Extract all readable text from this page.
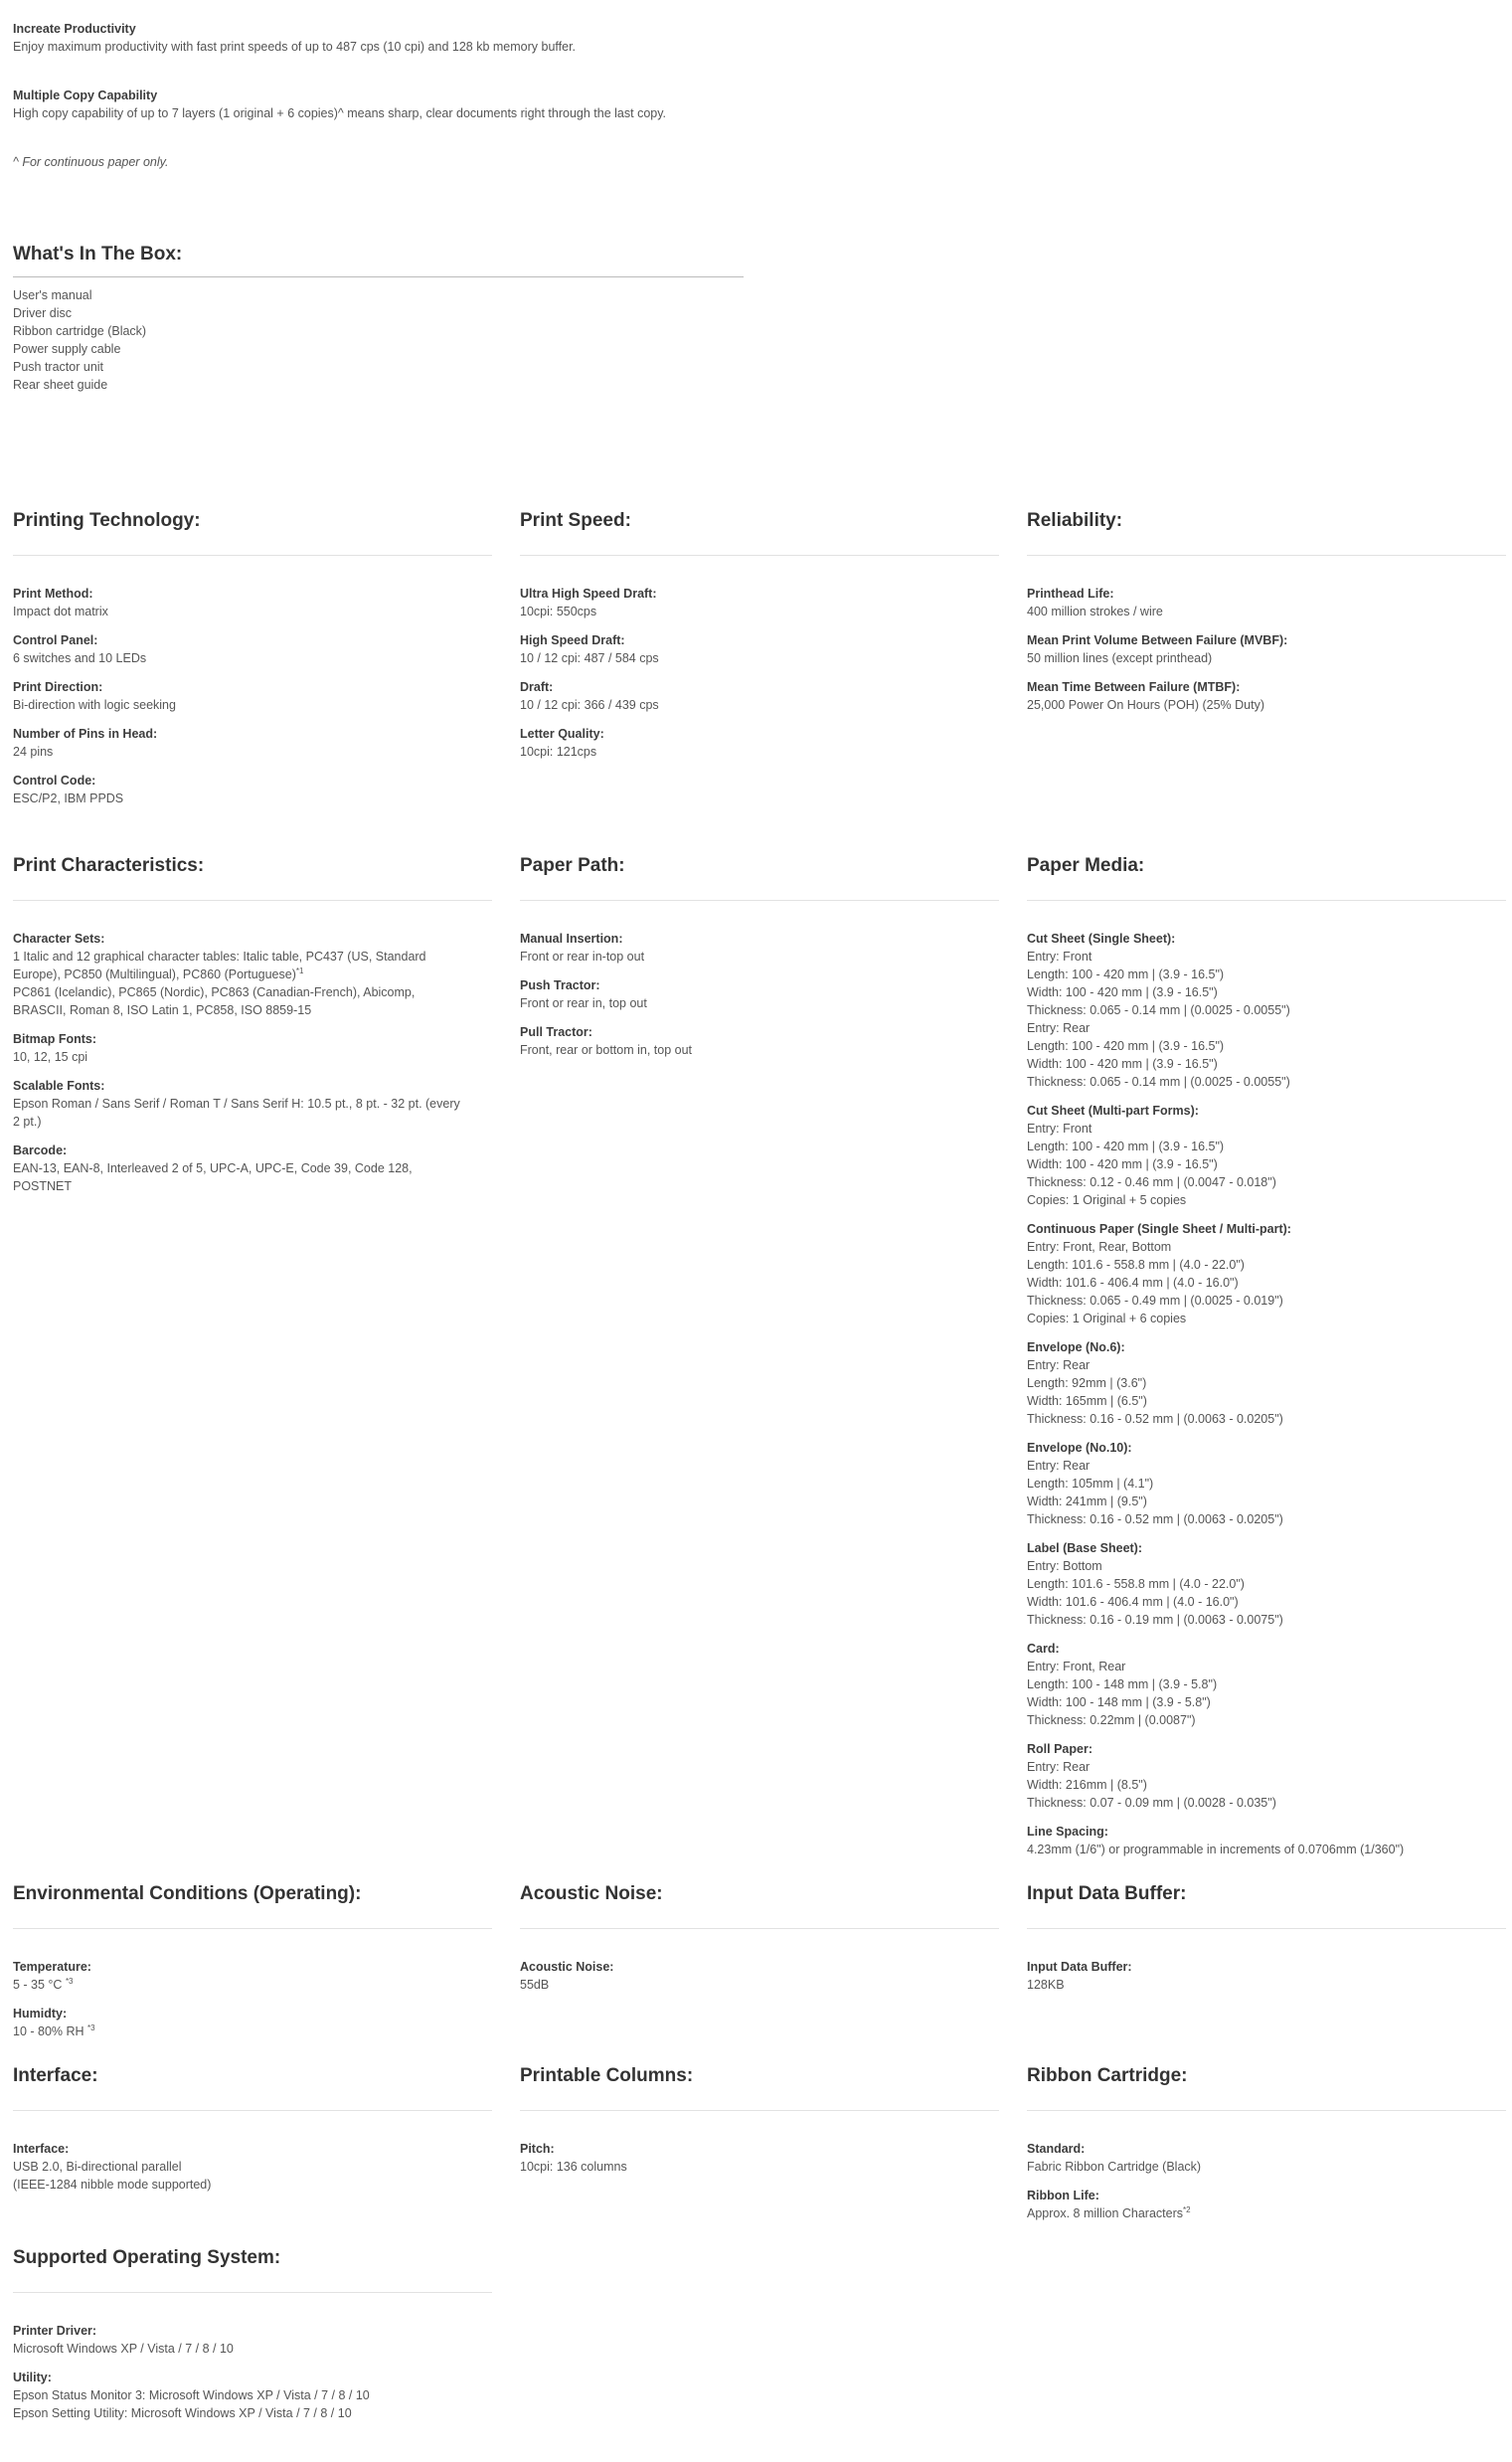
Increate Productivity
Enjoy maximum productivity with fast print speeds of up to 487 cps (10 cpi) and 128 kb memory buffer.
Multiple Copy Capability
High copy capability of up to 7 layers (1 original + 6 copies)^ means sharp, clear documents right through the last copy.
^ For continuous paper only.
What's In The Box:
User's manual
Driver disc
Ribbon cartridge (Black)
Power supply cable
Push tractor unit
Rear sheet guide
Printing Technology:
Print Method:
Impact dot matrix
Control Panel:
6 switches and 10 LEDs
Print Direction:
Bi-direction with logic seeking
Number of Pins in Head:
24 pins
Control Code:
ESC/P2, IBM PPDS
Print Speed:
Ultra High Speed Draft:
10cpi: 550cps
High Speed Draft:
10 / 12 cpi: 487 / 584 cps
Draft:
10 / 12 cpi: 366 / 439 cps
Letter Quality:
10cpi: 121cps
Reliability:
Printhead Life:
400 million strokes / wire
Mean Print Volume Between Failure (MVBF):
50 million lines (except printhead)
Mean Time Between Failure (MTBF):
25,000 Power On Hours (POH) (25% Duty)
Print Characteristics:
Character Sets:
1 Italic and 12 graphical character tables: Italic table, PC437 (US, Standard
Europe), PC850 (Multilingual), PC860 (Portuguese)$^{*1}$
PC861 (Icelandic), PC865 (Nordic), PC863 (Canadian-French), Abicomp,
BRASCII, Roman 8, ISO Latin 1, PC858, ISO 8859-15
Bitmap Fonts:
10, 12, 15 cpi
Scalable Fonts:
Epson Roman / Sans Serif / Roman T / Sans Serif H: 10.5 pt., 8 pt. - 32 pt. (every
2 pt.)
Barcode:
EAN-13, EAN-8, Interleaved 2 of 5, UPC-A, UPC-E, Code 39, Code 128,
POSTNET
Paper Path:
Manual Insertion:
Front or rear in-top out
Push Tractor:
Front or rear in, top out
Pull Tractor:
Front, rear or bottom in, top out
Paper Media:
Cut Sheet (Single Sheet):
Entry: Front
Length: 100 - 420 mm | (3.9 - 16.5")
Width: 100 - 420 mm | (3.9 - 16.5")
Thickness: 0.065 - 0.14 mm | (0.0025 - 0.0055")
Entry: Rear
Length: 100 - 420 mm | (3.9 - 16.5")
Width: 100 - 420 mm | (3.9 - 16.5")
Thickness: 0.065 - 0.14 mm | (0.0025 - 0.0055")
Cut Sheet (Multi-part Forms):
Entry: Front
Length: 100 - 420 mm | (3.9 - 16.5")
Width: 100 - 420 mm | (3.9 - 16.5")
Thickness: 0.12 - 0.46 mm | (0.0047 - 0.018")
Copies: 1 Original + 5 copies
Continuous Paper (Single Sheet / Multi-part):
Entry: Front, Rear, Bottom
Length: 101.6 - 558.8 mm | (4.0 - 22.0")
Width: 101.6 - 406.4 mm | (4.0 - 16.0")
Thickness: 0.065 - 0.49 mm | (0.0025 - 0.019")
Copies: 1 Original + 6 copies
Envelope (No.6):
Entry: Rear
Length: 92mm | (3.6")
Width: 165mm | (6.5")
Thickness: 0.16 - 0.52 mm | (0.0063 - 0.0205")
Envelope (No.10):
Entry: Rear
Length: 105mm | (4.1")
Width: 241mm | (9.5")
Thickness: 0.16 - 0.52 mm | (0.0063 - 0.0205")
Label (Base Sheet):
Entry: Bottom
Length: 101.6 - 558.8 mm | (4.0 - 22.0")
Width: 101.6 - 406.4 mm | (4.0 - 16.0")
Thickness: 0.16 - 0.19 mm | (0.0063 - 0.0075")
Card:
Entry: Front, Rear
Length: 100 - 148 mm | (3.9 - 5.8")
Width: 100 - 148 mm | (3.9 - 5.8")
Thickness: 0.22mm | (0.0087")
Roll Paper:
Entry: Rear
Width: 216mm | (8.5")
Thickness: 0.07 - 0.09 mm | (0.0028 - 0.035")
Line Spacing:
4.23mm (1/6") or programmable in increments of 0.0706mm (1/360")
Environmental Conditions (Operating):
Temperature:
5 - 35 °C $^{*3}$
Humidty:
10 - 80% RH $^{*3}$
Acoustic Noise:
Acoustic Noise:
55dB
Input Data Buffer:
Input Data Buffer:
128KB
Interface:
Interface:
USB 2.0, Bi-directional parallel
(IEEE-1284 nibble mode supported)
Printable Columns:
Pitch:
10cpi: 136 columns
Ribbon Cartridge:
Standard:
Fabric Ribbon Cartridge (Black)
Ribbon Life:
Approx. 8 million Characters$^{*2}$
Supported Operating System:
Printer Driver:
Microsoft Windows XP / Vista / 7 / 8 / 10
Utility:
Epson Status Monitor 3: Microsoft Windows XP / Vista / 7 / 8 / 10
Epson Setting Utility: Microsoft Windows XP / Vista / 7 / 8 / 10
